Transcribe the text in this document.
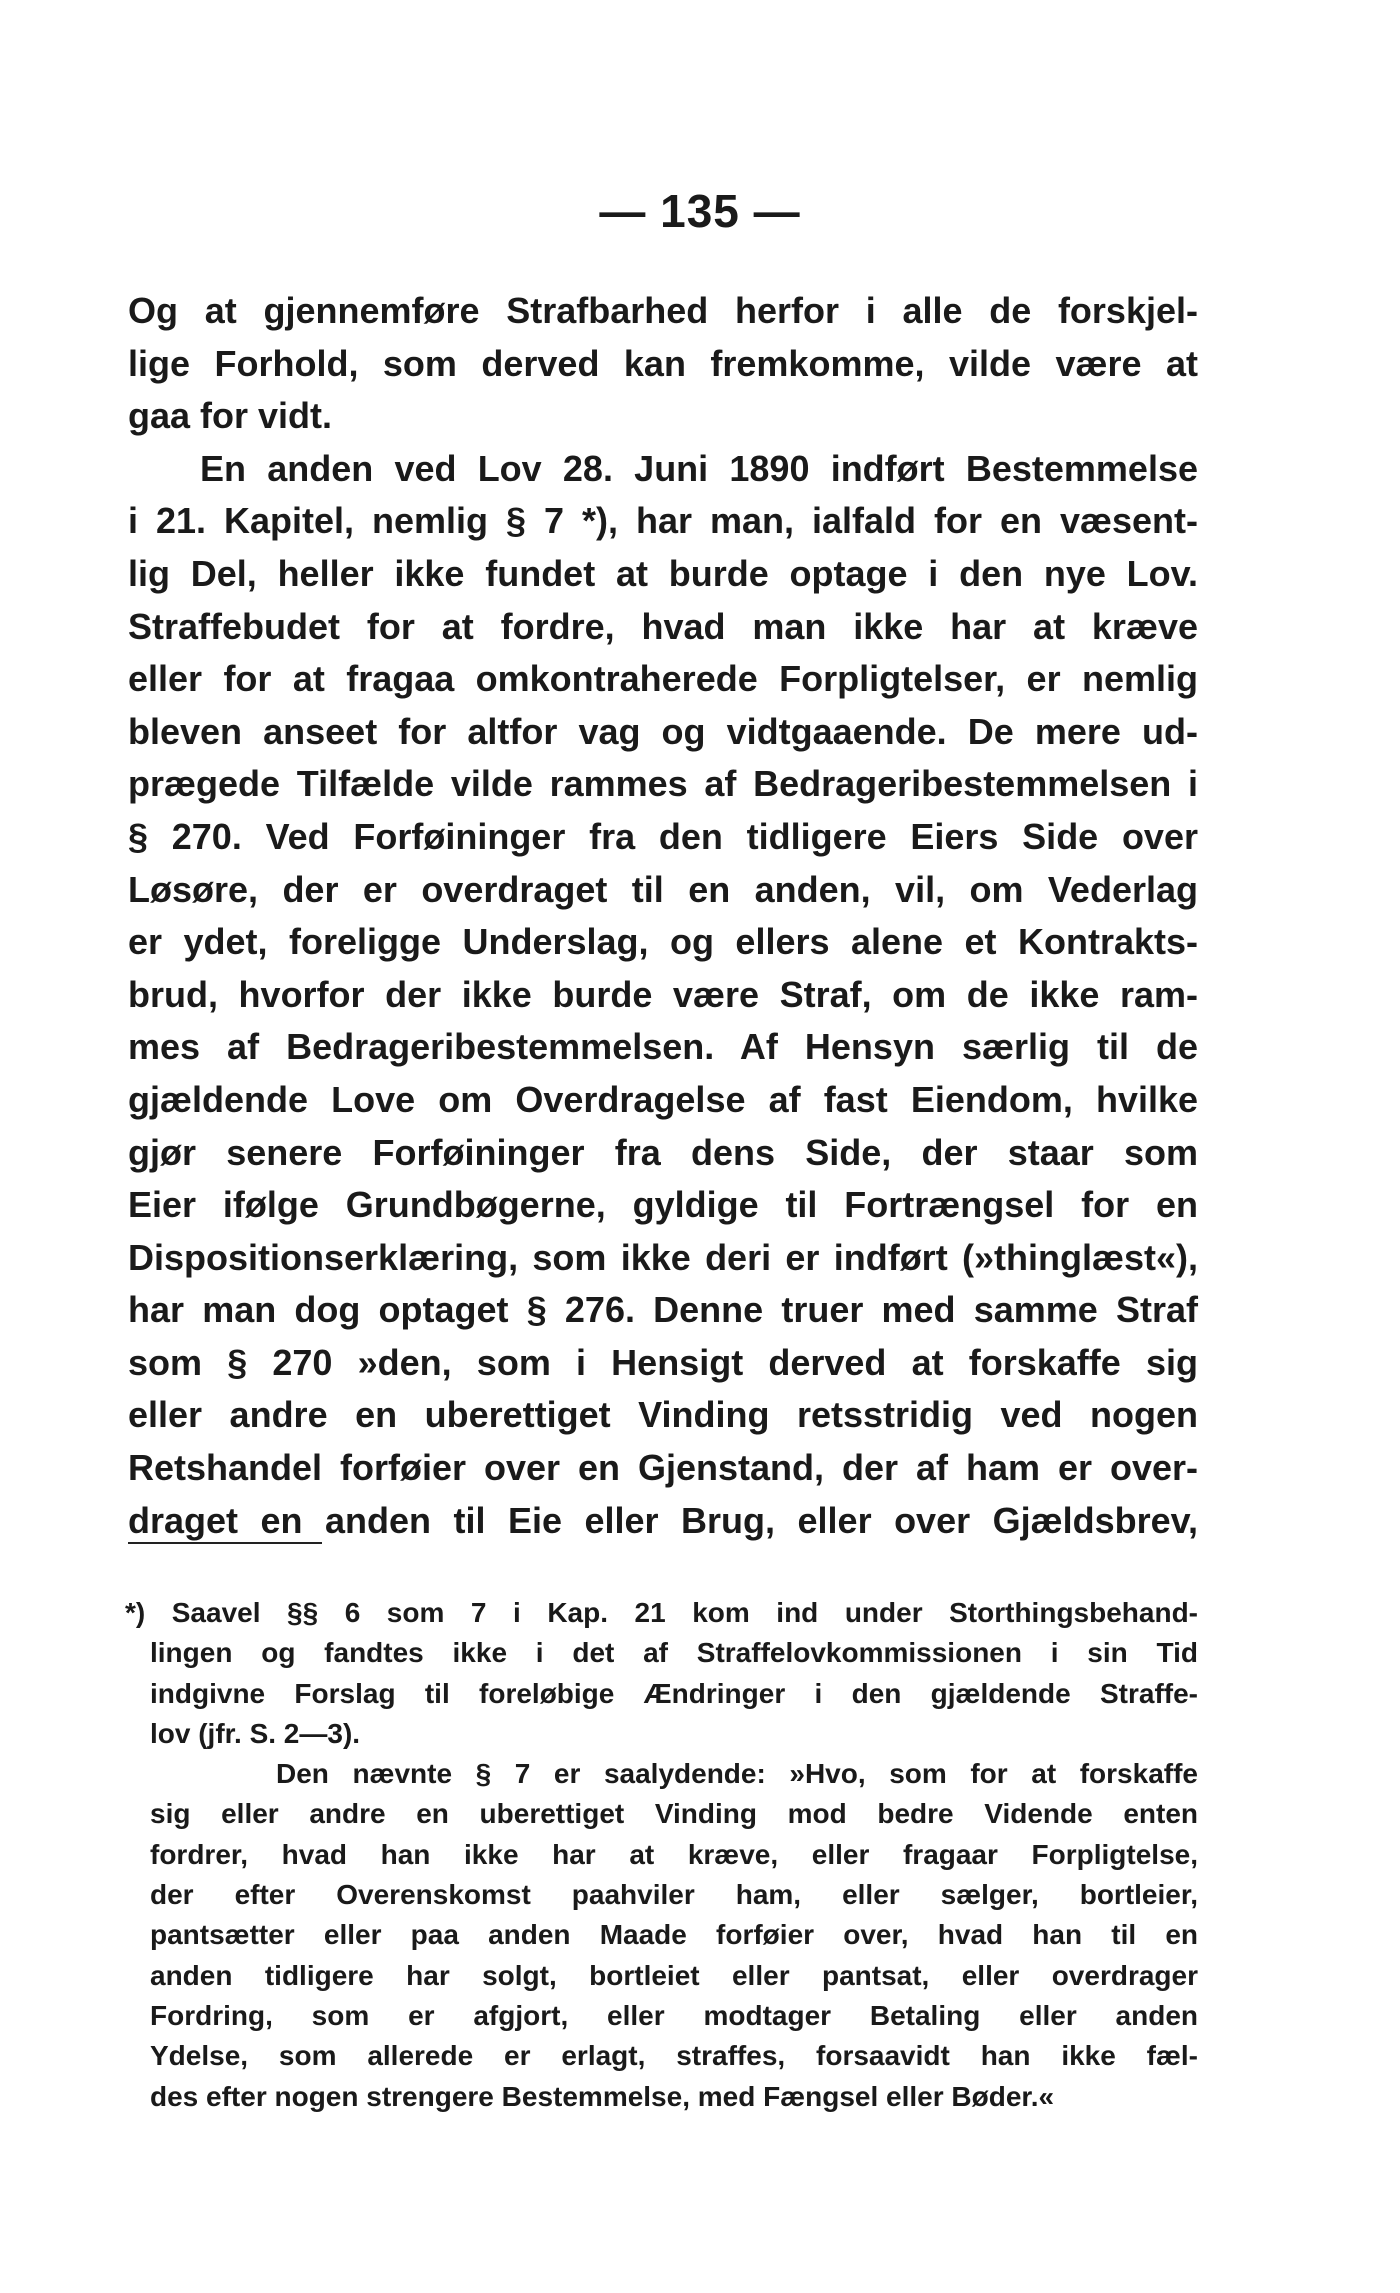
— 135 —
Og at gjennemføre Strafbarhed herfor i alle de forskjel-
lige Forhold, som derved kan fremkomme, vilde være at
gaa for vidt.
En anden ved Lov 28. Juni 1890 indført Bestemmelse
i 21. Kapitel, nemlig § 7 *), har man, ialfald for en væsent-
lig Del, heller ikke fundet at burde optage i den nye Lov.
Straffebudet for at fordre, hvad man ikke har at kræve
eller for at fragaa omkontraherede Forpligtelser, er nemlig
bleven anseet for altfor vag og vidtgaaende. De mere ud-
prægede Tilfælde vilde rammes af Bedrageribestemmelsen i
§ 270. Ved Forføininger fra den tidligere Eiers Side over
Løsøre, der er overdraget til en anden, vil, om Vederlag
er ydet, foreligge Underslag, og ellers alene et Kontrakts-
brud, hvorfor der ikke burde være Straf, om de ikke ram-
mes af Bedrageribestemmelsen. Af Hensyn særlig til de
gjældende Love om Overdragelse af fast Eiendom, hvilke
gjør senere Forføininger fra dens Side, der staar som
Eier ifølge Grundbøgerne, gyldige til Fortrængsel for en
Dispositionserklæring, som ikke deri er indført (»thinglæst«),
har man dog optaget § 276. Denne truer med samme Straf
som § 270 »den, som i Hensigt derved at forskaffe sig
eller andre en uberettiget Vinding retsstridig ved nogen
Retshandel forføier over en Gjenstand, der af ham er over-
draget en anden til Eie eller Brug, eller over Gjældsbrev,
*) Saavel §§ 6 som 7 i Kap. 21 kom ind under Storthingsbehand-
lingen og fandtes ikke i det af Straffelovkommissionen i sin Tid
indgivne Forslag til foreløbige Ændringer i den gjældende Straffe-
lov (jfr. S. 2—3).
Den nævnte § 7 er saalydende: »Hvo, som for at forskaffe
sig eller andre en uberettiget Vinding mod bedre Vidende enten
fordrer, hvad han ikke har at kræve, eller fragaar Forpligtelse,
der efter Overenskomst paahviler ham, eller sælger, bortleier,
pantsætter eller paa anden Maade forføier over, hvad han til en
anden tidligere har solgt, bortleiet eller pantsat, eller overdrager
Fordring, som er afgjort, eller modtager Betaling eller anden
Ydelse, som allerede er erlagt, straffes, forsaavidt han ikke fæl-
des efter nogen strengere Bestemmelse, med Fængsel eller Bøder.«
